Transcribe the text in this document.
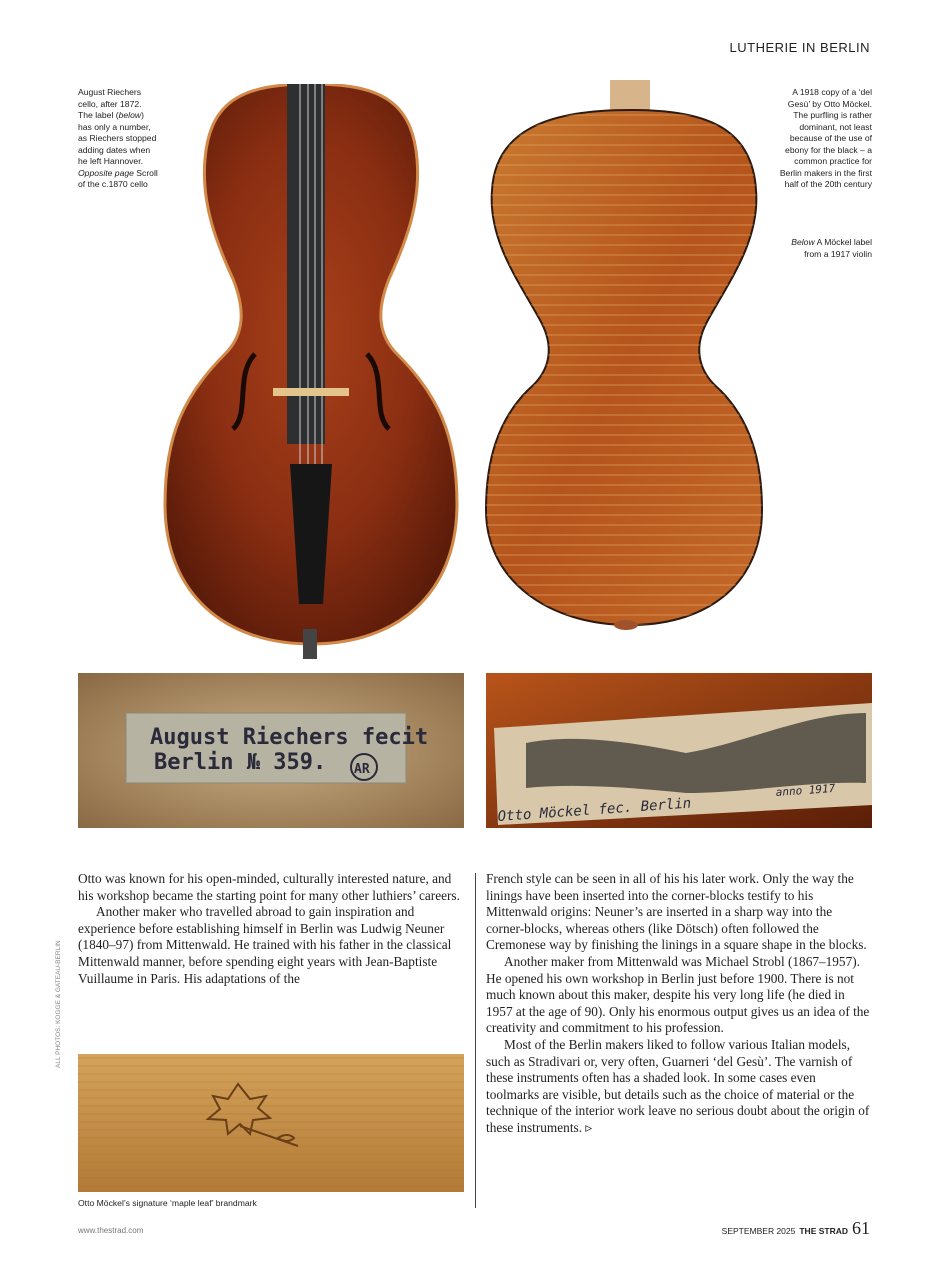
LUTHERIE IN BERLIN
August Riechers
cello, after 1872.
The label (below)
has only a number,
as Riechers stopped
adding dates when
he left Hannover.
Opposite page Scroll
of the c.1870 cello
A 1918 copy of a ‘del
Gesù’ by Otto Möckel.
The purfling is rather
dominant, not least
because of the use of
ebony for the black – a
common practice for
Berlin makers in the first
half of the 20th century
Below A Möckel label
from a 1917 violin
August Riechers fecit
Berlin № 359. AR
Otto Möckel fec. Berlin
anno 1917

Otto was known for his open-minded, culturally interested nature, and his workshop became the starting point for many other luthiers’ careers.

Another maker who travelled abroad to gain inspiration and experience before establishing himself in Berlin was Ludwig Neuner (1840–97) from Mittenwald. He trained with his father in the classical Mittenwald manner, before spending eight years with Jean-Baptiste Vuillaume in Paris. His adaptations of the

French style can be seen in all of his his later work. Only the way the linings have been inserted into the corner-blocks testify to his Mittenwald origins: Neuner’s are inserted in a sharp way into the corner-blocks, whereas others (like Dötsch) often followed the Cremonese way by finishing the linings in a square shape in the blocks.

Another maker from Mittenwald was Michael Strobl (1867–1957). He opened his own workshop in Berlin just before 1900. There is not much known about this maker, despite his very long life (he died in 1957 at the age of 90). Only his enormous output gives us an idea of the creativity and commitment to his profession.

Most of the Berlin makers liked to follow various Italian models, such as Stradivari or, very often, Guarneri ‘del Gesù’. The varnish of these instruments often has a shaded look. In some cases even toolmarks are visible, but details such as the choice of material or the technique of the interior work leave no serious doubt about the origin of these instruments. ▹

Otto Möckel’s signature ‘maple leaf’ brandmark
ALL PHOTOS: KOGGE & GATEAU-BERLIN
www.thestrad.com	SEPTEMBER 2025 THE STRAD 61
